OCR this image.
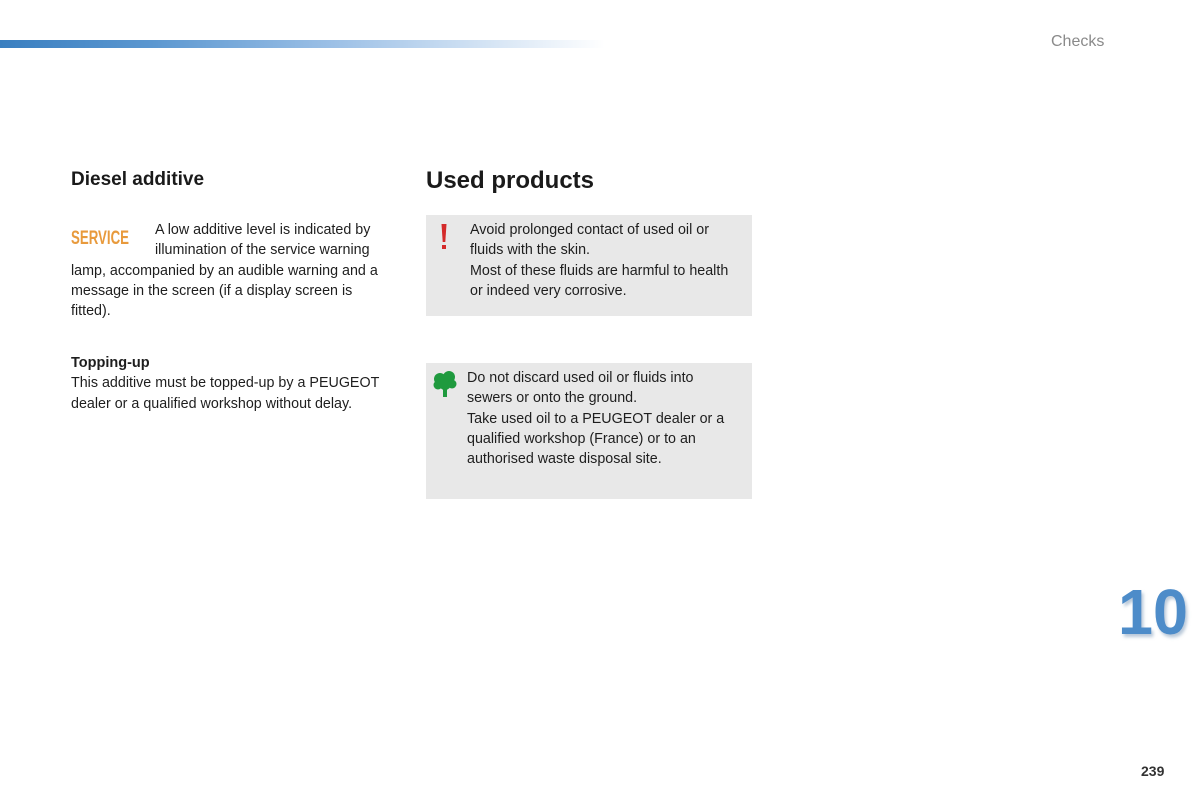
Checks
Diesel additive
SERVICE	A low additive level is indicated by illumination of the service warning lamp, accompanied by an audible warning and a message in the screen (if a display screen is fitted).

Topping-up

This additive must be topped-up by a PEUGEOT dealer or a qualified workshop without delay.

Used products

Avoid prolonged contact of used oil or fluids with the skin.

Most of these fluids are harmful to health or indeed very corrosive.

Do not discard used oil or fluids into sewers or onto the ground.

Take used oil to a PEUGEOT dealer or a qualified workshop (France) or to an authorised waste disposal site.

10
239
